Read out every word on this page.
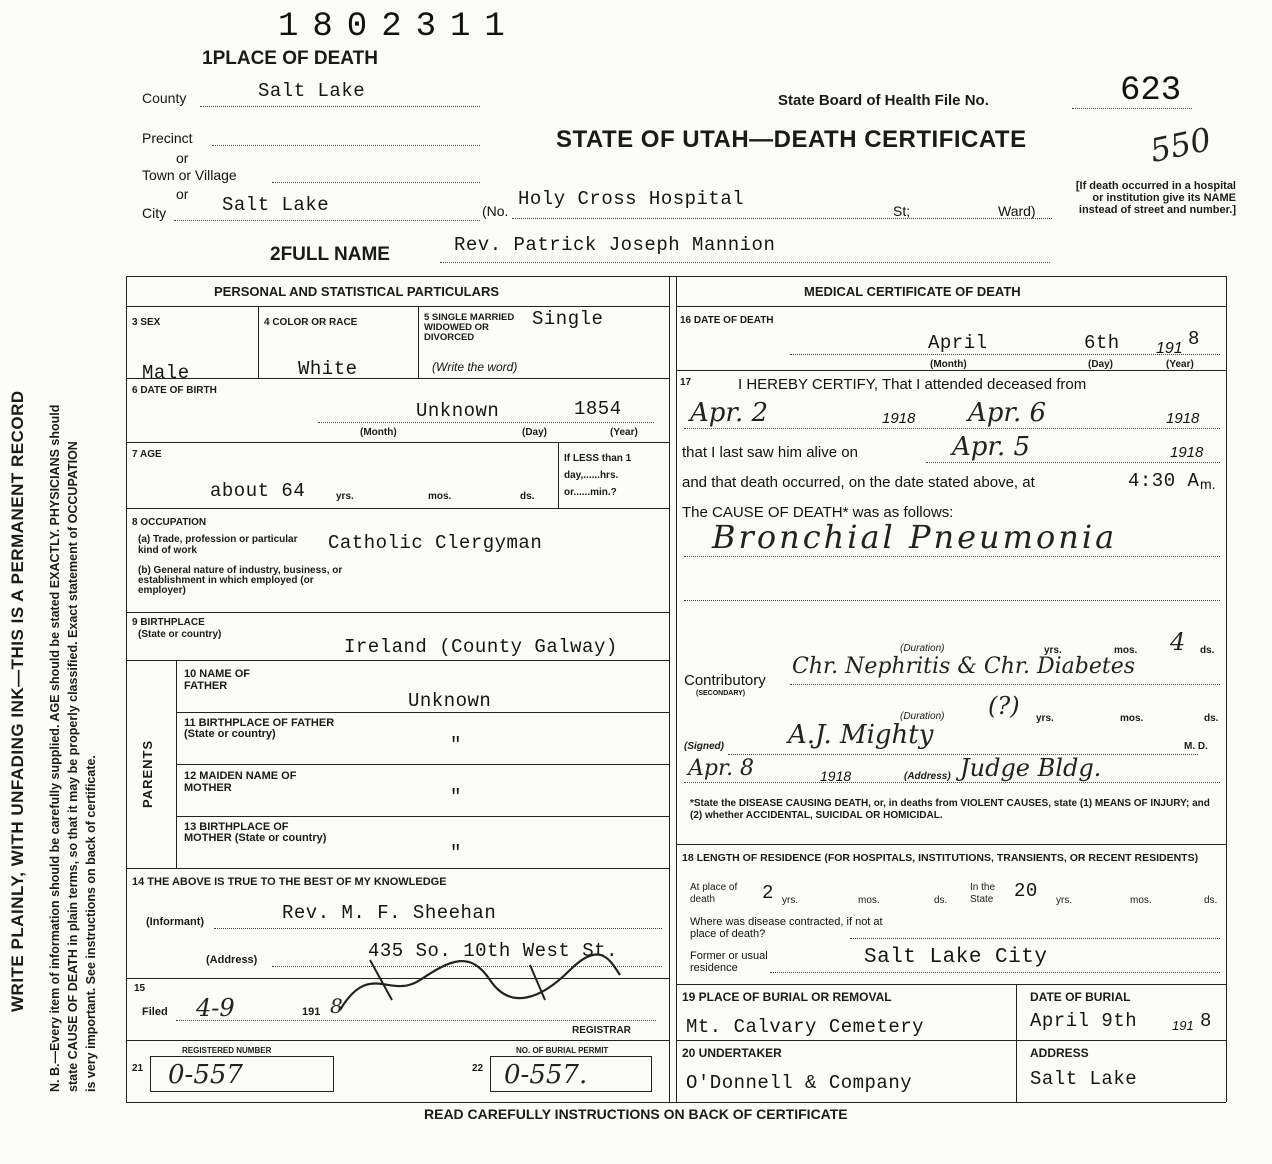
WRITE PLAINLY, WITH UNFADING INK—THIS IS A PERMANENT RECORD N. B.—Every item of information should be carefully supplied. AGE should be stated EXACTLY. PHYSICIANS should state CAUSE OF DEATH in plain terms, so that it may be properly classified. Exact statement of OCCUPATION is very important. See instructions on back of certificate.
1802311
1PLACE OF DEATH
County	Salt Lake
Precinct
or
Town or Village
or
City	Salt Lake	(No.
Holy Cross Hospital
St;	Ward)
State Board of Health File No.	623
550
STATE OF UTAH—DEATH CERTIFICATE
[If death occurred in a hospital or institution give its NAME instead of street and number.]
2FULL NAME	Rev. Patrick Joseph Mannion
PERSONAL AND STATISTICAL PARTICULARS
3 SEX
Male
4 COLOR OR RACE
White
5 SINGLE MARRIED WIDOWED OR DIVORCED
(Write the word)
Single
6 DATE OF BIRTH
Unknown	1854
(Month)	(Day)	(Year)
7 AGE
about 64	yrs.	mos.	ds.
If LESS than 1 day,......hrs. or......min.?
8 OCCUPATION
(a) Trade, profession or particular kind of work	Catholic Clergyman
(b) General nature of industry, business, or establishment in which employed (or employer)
9 BIRTHPLACE
(State or country)
Ireland (County Galway)
PARENTS
10 NAME OF FATHER
Unknown
11 BIRTHPLACE OF FATHER (State or country)	"
12 MAIDEN NAME OF MOTHER	"
13 BIRTHPLACE OF MOTHER (State or country)
"
14 THE ABOVE IS TRUE TO THE BEST OF MY KNOWLEDGE
(Informant)	Rev. M. F. Sheehan
(Address)	435 So. 10th West St.
15
Filed 4-9	191 8
REGISTRAR
REGISTERED NUMBER
21 0-557
NO. OF BURIAL PERMIT
22 0-557.
MEDICAL CERTIFICATE OF DEATH
16 DATE OF DEATH
April	6th 191 8
(Month)	(Day)	(Year)
17	I HEREBY CERTIFY, That I attended deceased from
Apr. 2	1918 Apr. 6	1918
that I last saw him alive on	Apr. 5	1918
and that death occurred, on the date stated above, at	4:30 A m.
The CAUSE OF DEATH* was as follows:
Bronchial Pneumonia
(Duration)	yrs.	mos. 4 ds.
Contributory
(SECONDARY)
Chr. Nephritis & Chr. Diabetes
(Duration) (?) yrs.	mos.	ds.
(Signed) A.J. Mighty	M. D.
Apr. 8	1918	(Address) Judge Bldg.
*State the DISEASE CAUSING DEATH, or, in deaths from VIOLENT CAUSES, state (1) MEANS OF INJURY; and (2) whether ACCIDENTAL, SUICIDAL OR HOMICIDAL.
18 LENGTH OF RESIDENCE (FOR HOSPITALS, INSTITUTIONS, TRANSIENTS, OR RECENT RESIDENTS)
At place of death	2 yrs.	mos.	ds.
In the State	20 yrs.	mos.	ds.
Where was disease contracted, if not at place of death?
Former or usual residence	Salt Lake City
19 PLACE OF BURIAL OR REMOVAL
Mt. Calvary Cemetery
DATE OF BURIAL
April 9th	191 8
20 UNDERTAKER
O'Donnell & Company
ADDRESS
Salt Lake
READ CAREFULLY INSTRUCTIONS ON BACK OF CERTIFICATE
